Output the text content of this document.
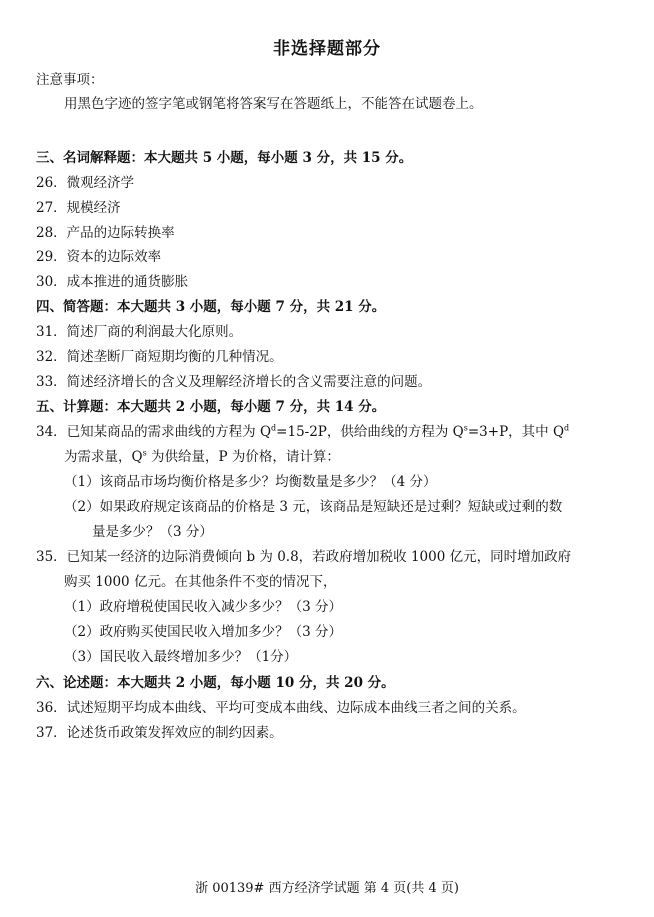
非选择题部分
注意事项：
用黑色字迹的签字笔或钢笔将答案写在答题纸上，不能答在试题卷上。
三、名词解释题：本大题共 5 小题，每小题 3 分，共 15 分。
26．微观经济学
27．规模经济
28．产品的边际转换率
29．资本的边际效率
30．成本推进的通货膨胀
四、简答题：本大题共 3 小题，每小题 7 分，共 21 分。
31．简述厂商的利润最大化原则。
32．简述垄断厂商短期均衡的几种情况。
33．简述经济增长的含义及理解经济增长的含义需要注意的问题。
五、计算题：本大题共 2 小题，每小题 7 分，共 14 分。
34．已知某商品的需求曲线的方程为 $Q^d=15-2P$，供给曲线的方程为 $Q^s=3+P$，其中 $Q^d$
为需求量，$Q^s$ 为供给量，P 为价格，请计算：
（1）该商品市场均衡价格是多少？均衡数量是多少？（4 分）
（2）如果政府规定该商品的价格是 3 元，该商品是短缺还是过剩？短缺或过剩的数
量是多少？（3 分）
35．已知某一经济的边际消费倾向 b 为 0.8，若政府增加税收 1000 亿元，同时增加政府
购买 1000 亿元。在其他条件不变的情况下，
（1）政府增税使国民收入减少多少？（3 分）
（2）政府购买使国民收入增加多少？（3 分）
（3）国民收入最终增加多少？（1分）
六、论述题：本大题共 2 小题，每小题 10 分，共 20 分。
36．试述短期平均成本曲线、平均可变成本曲线、边际成本曲线三者之间的关系。
37．论述货币政策发挥效应的制约因素。
浙 00139# 西方经济学试题 第 4 页(共 4 页)
